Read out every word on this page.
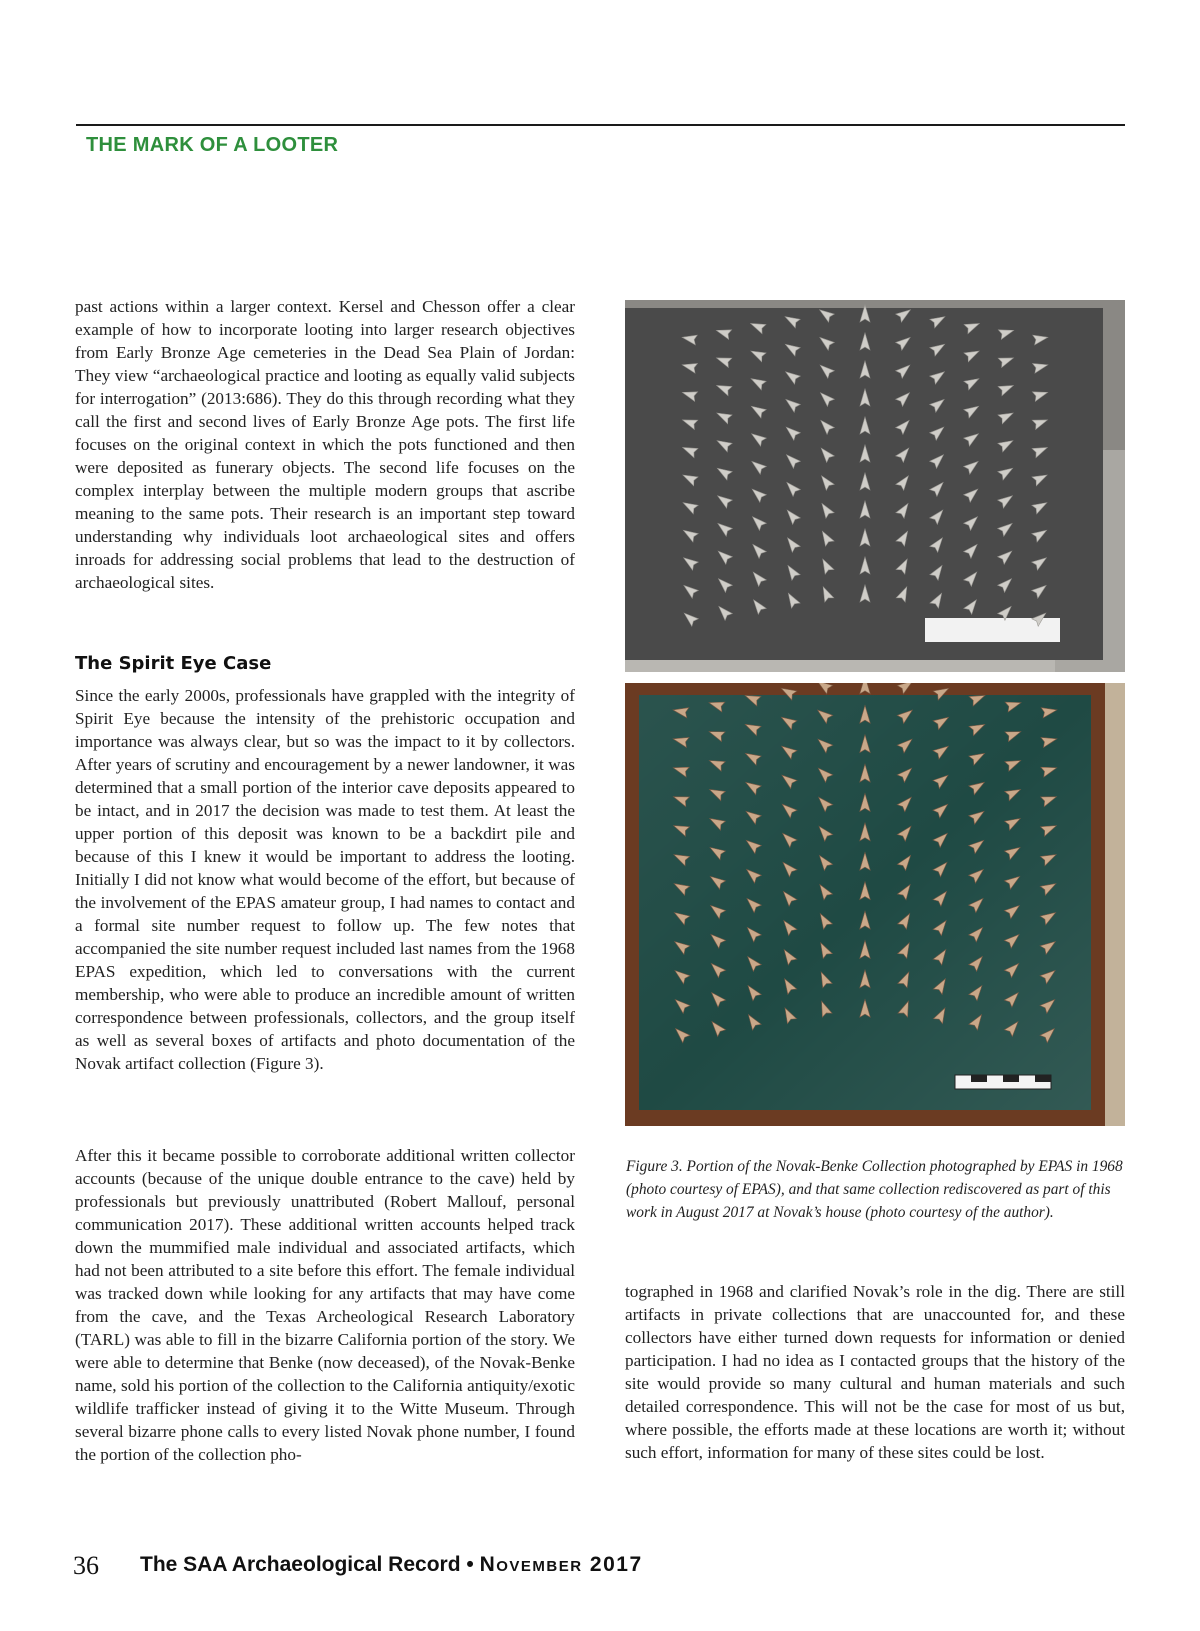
THE MARK OF A LOOTER

past actions within a larger context. Kersel and Chesson offer a clear example of how to incorporate looting into larger research objectives from Early Bronze Age cemeteries in the Dead Sea Plain of Jordan: They view “archaeological practice and looting as equally valid subjects for interrogation” (2013:686). They do this through recording what they call the first and second lives of Early Bronze Age pots. The first life focuses on the original context in which the pots functioned and then were deposited as funerary objects. The second life focuses on the complex interplay between the multiple modern groups that ascribe meaning to the same pots. Their research is an important step toward understanding why individuals loot archaeological sites and offers inroads for addressing social problems that lead to the destruction of archaeological sites.

The Spirit Eye Case

Since the early 2000s, professionals have grappled with the integrity of Spirit Eye because the intensity of the prehistoric occupation and importance was always clear, but so was the impact to it by collectors. After years of scrutiny and encouragement by a newer landowner, it was determined that a small portion of the interior cave deposits appeared to be intact, and in 2017 the decision was made to test them. At least the upper portion of this deposit was known to be a backdirt pile and because of this I knew it would be important to address the looting. Initially I did not know what would become of the effort, but because of the involvement of the EPAS amateur group, I had names to contact and a formal site number request to follow up. The few notes that accompanied the site number request included last names from the 1968 EPAS expedition, which led to conversations with the current membership, who were able to produce an incredible amount of written correspondence between professionals, collectors, and the group itself as well as several boxes of artifacts and photo documentation of the Novak artifact collection (Figure 3).

After this it became possible to corroborate additional written collector accounts (because of the unique double entrance to the cave) held by professionals but previously unattributed (Robert Mallouf, personal communication 2017). These additional written accounts helped track down the mummified male individual and associated artifacts, which had not been attributed to a site before this effort. The female individual was tracked down while looking for any artifacts that may have come from the cave, and the Texas Archeological Research Laboratory (TARL) was able to fill in the bizarre California portion of the story. We were able to determine that Benke (now deceased), of the Novak-Benke name, sold his portion of the collection to the California antiquity/exotic wildlife trafficker instead of giving it to the Witte Museum. Through several bizarre phone calls to every listed Novak phone number, I found the portion of the collection pho-

Figure 3. Portion of the Novak-Benke Collection photographed by EPAS in 1968 (photo courtesy of EPAS), and that same collection rediscovered as part of this work in August 2017 at Novak’s house (photo courtesy of the author).

tographed in 1968 and clarified Novak’s role in the dig. There are still artifacts in private collections that are unaccounted for, and these collectors have either turned down requests for information or denied participation. I had no idea as I contacted groups that the history of the site would provide so many cultural and human materials and such detailed correspondence. This will not be the case for most of us but, where possible, the efforts made at these locations are worth it; without such effort, information for many of these sites could be lost.

36 The SAA Archaeological Record • November 2017
